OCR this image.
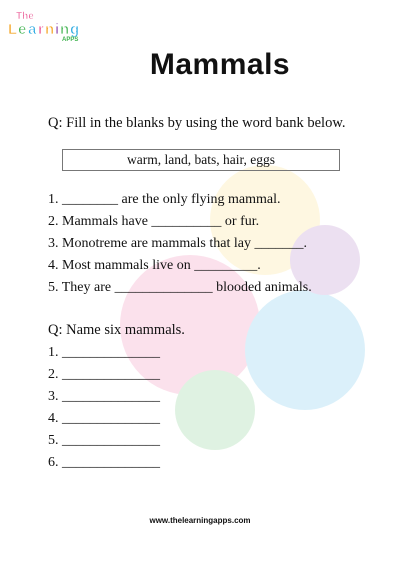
The
L e a r n i n g
APPS
Mammals
Q: Fill in the blanks by using the word bank below.
warm, land, bats, hair, eggs
1. ________ are the only flying mammal.
2. Mammals have __________ or fur.
3. Monotreme are mammals that lay _______.
4. Most mammals live on _________.
5. They are ______________ blooded animals.
Q: Name six mammals.
1. ______________
2. ______________
3. ______________
4. ______________
5. ______________
6. ______________
www.thelearningapps.com
